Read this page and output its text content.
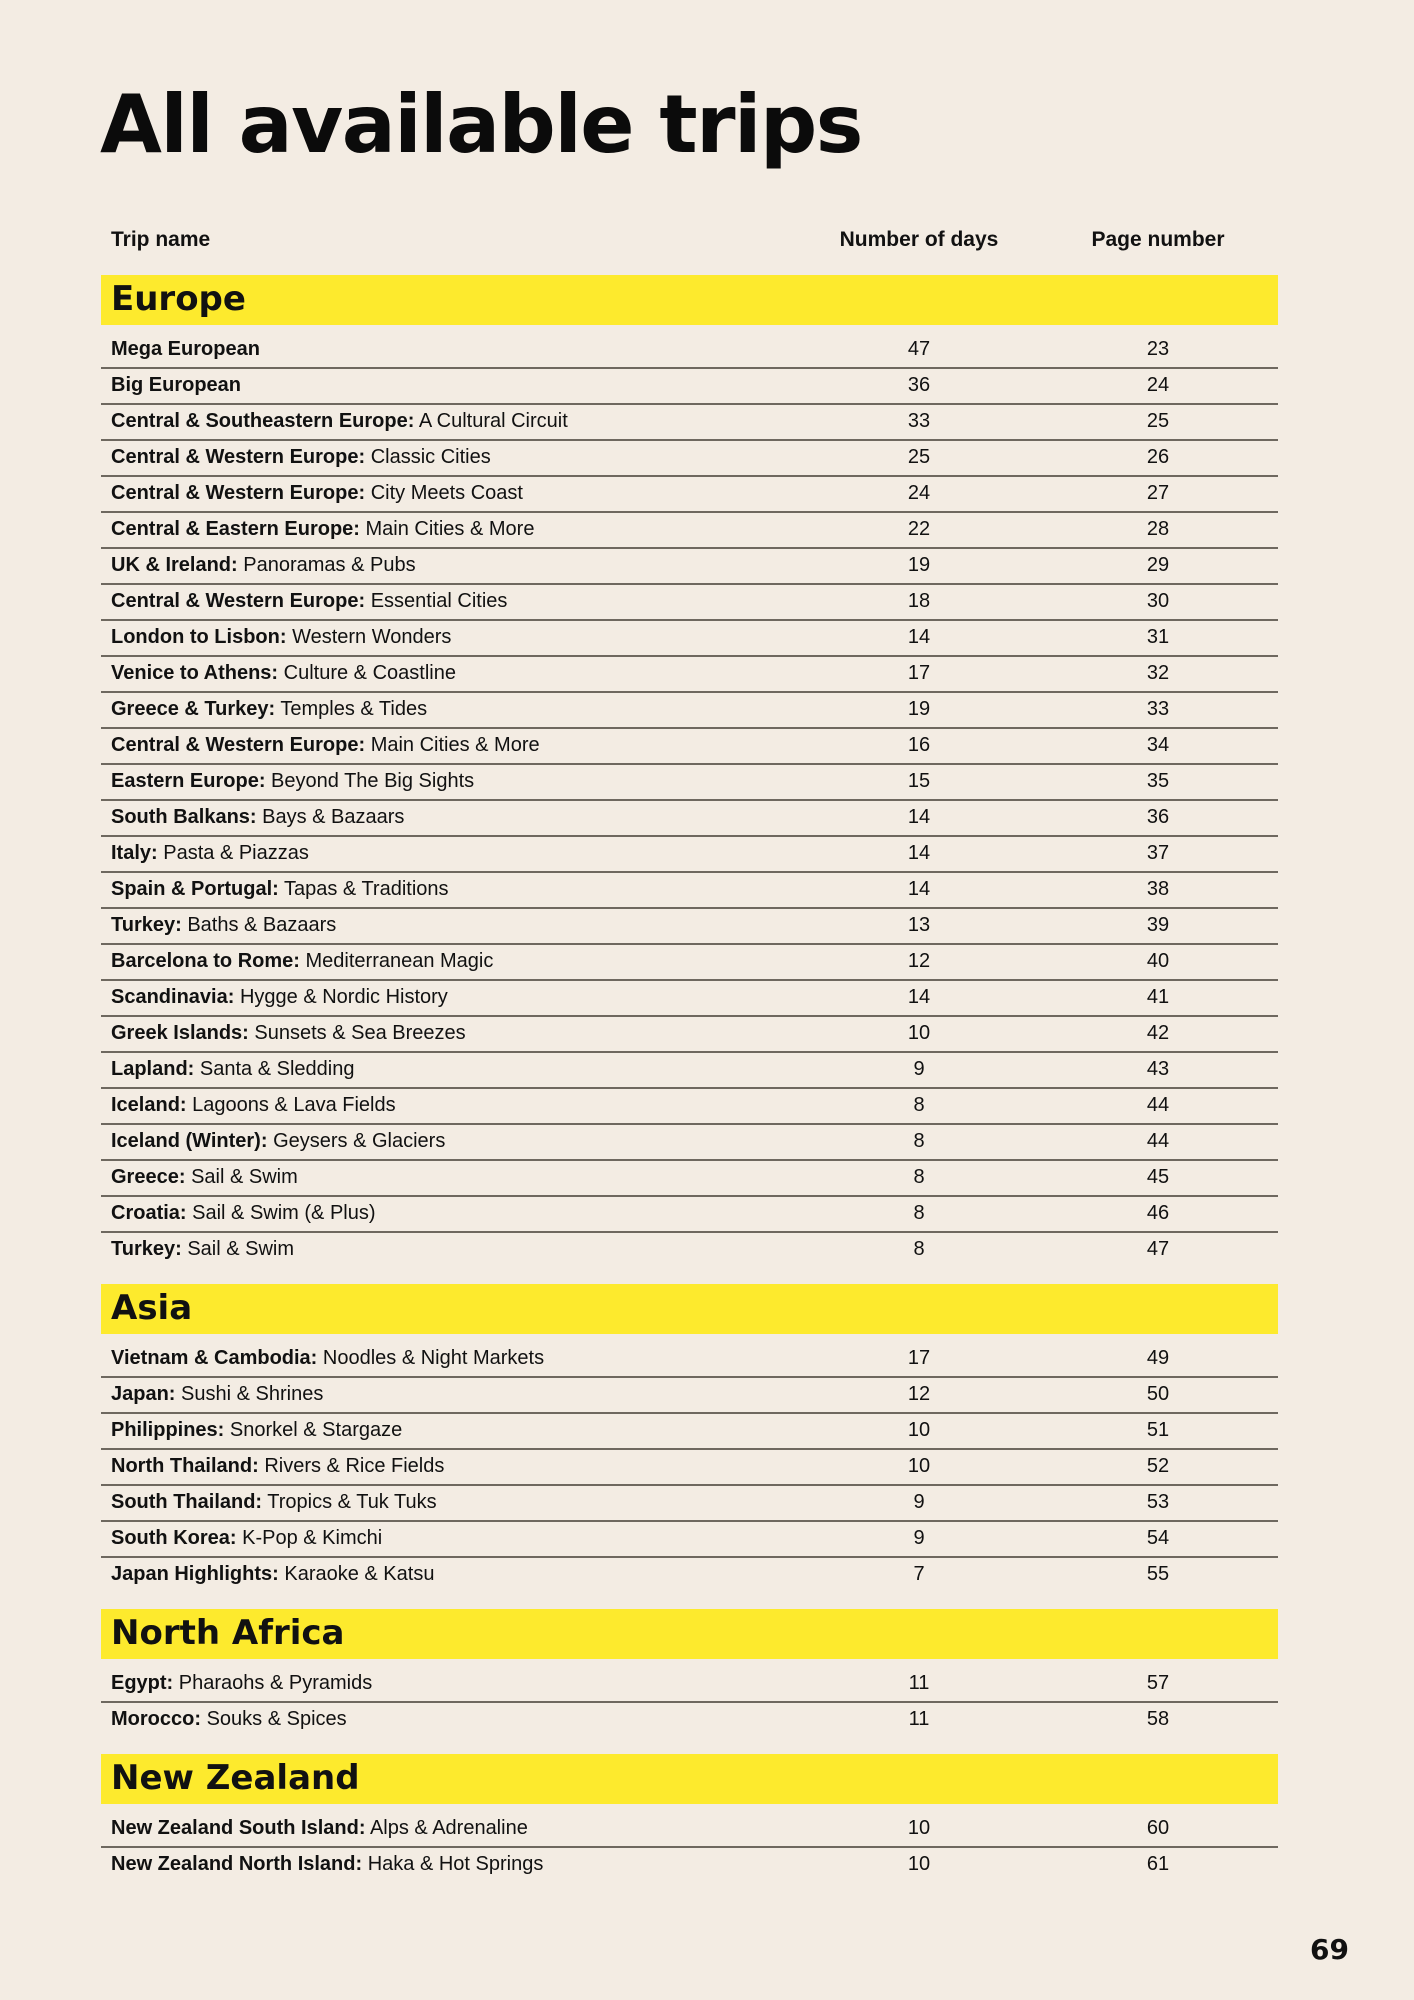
All available trips
Trip name	Number of days	Page number
Europe
Mega European	47	23
Big European	36	24
Central & Southeastern Europe: A Cultural Circuit	33	25
Central & Western Europe: Classic Cities	25	26
Central & Western Europe: City Meets Coast	24	27
Central & Eastern Europe: Main Cities & More	22	28
UK & Ireland: Panoramas & Pubs	19	29
Central & Western Europe: Essential Cities	18	30
London to Lisbon: Western Wonders	14	31
Venice to Athens: Culture & Coastline	17	32
Greece & Turkey: Temples & Tides	19	33
Central & Western Europe: Main Cities & More	16	34
Eastern Europe: Beyond The Big Sights	15	35
South Balkans: Bays & Bazaars	14	36
Italy: Pasta & Piazzas	14	37
Spain & Portugal: Tapas & Traditions	14	38
Turkey: Baths & Bazaars	13	39
Barcelona to Rome: Mediterranean Magic	12	40
Scandinavia: Hygge & Nordic History	14	41
Greek Islands: Sunsets & Sea Breezes	10	42
Lapland: Santa & Sledding	9	43
Iceland: Lagoons & Lava Fields	8	44
Iceland (Winter): Geysers & Glaciers	8	44
Greece: Sail & Swim	8	45
Croatia: Sail & Swim (& Plus)	8	46
Turkey: Sail & Swim	8	47
Asia
Vietnam & Cambodia: Noodles & Night Markets	17	49
Japan: Sushi & Shrines	12	50
Philippines: Snorkel & Stargaze	10	51
North Thailand: Rivers & Rice Fields	10	52
South Thailand: Tropics & Tuk Tuks	9	53
South Korea: K-Pop & Kimchi	9	54
Japan Highlights: Karaoke & Katsu	7	55
North Africa
Egypt: Pharaohs & Pyramids	11	57
Morocco: Souks & Spices	11	58
New Zealand
New Zealand South Island: Alps & Adrenaline	10	60
New Zealand North Island: Haka & Hot Springs	10	61
69
